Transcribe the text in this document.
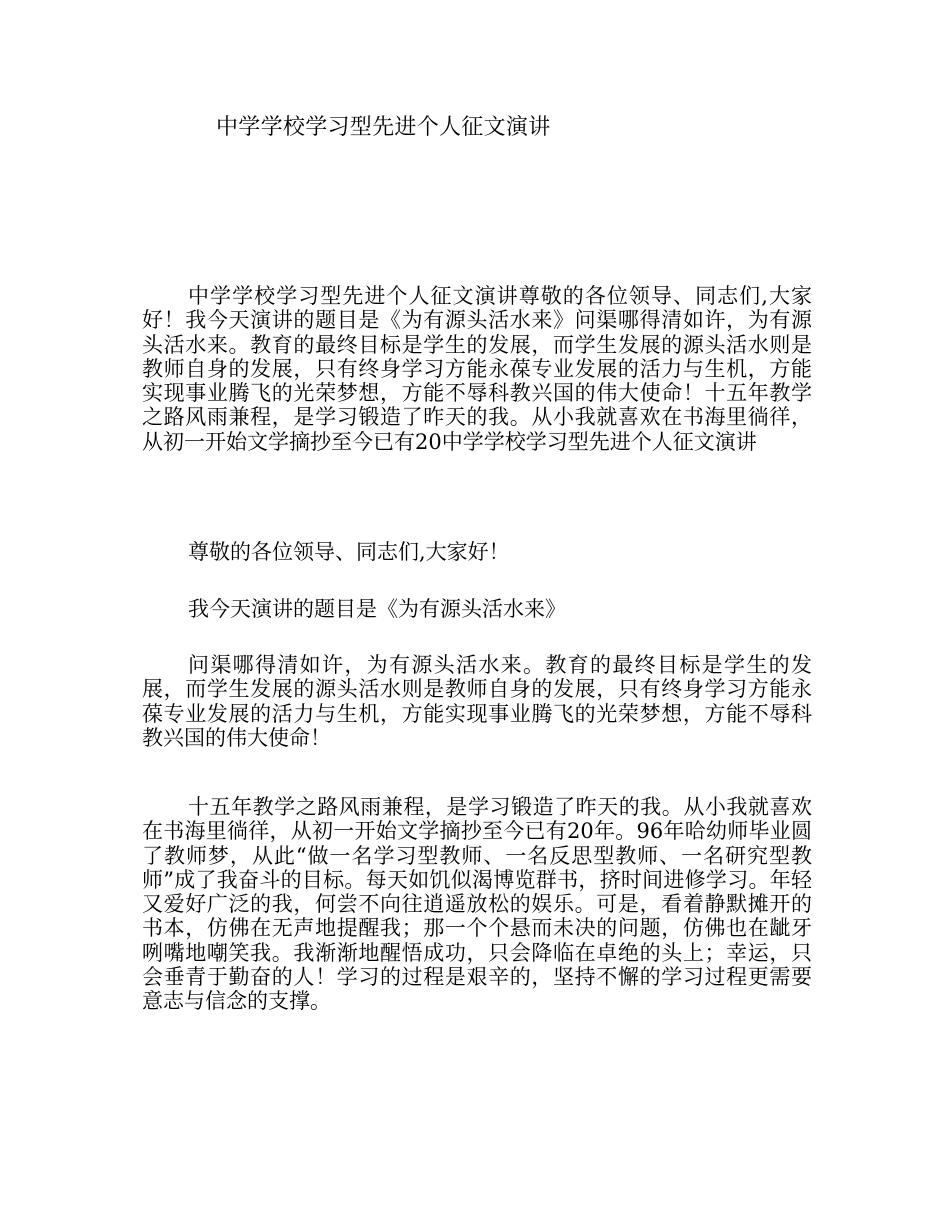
中学学校学习型先进个人征文演讲

中学学校学习型先进个人征文演讲尊敬的各位领导、同志们,大家好！我今天演讲的题目是《为有源头活水来》问渠哪得清如许，为有源头活水来。教育的最终目标是学生的发展，而学生发展的源头活水则是教师自身的发展，只有终身学习方能永葆专业发展的活力与生机，方能实现事业腾飞的光荣梦想，方能不辱科教兴国的伟大使命！十五年教学之路风雨兼程，是学习锻造了昨天的我。从小我就喜欢在书海里徜徉，从初一开始文学摘抄至今已有20中学学校学习型先进个人征文演讲

尊敬的各位领导、同志们,大家好！

我今天演讲的题目是《为有源头活水来》

问渠哪得清如许，为有源头活水来。教育的最终目标是学生的发展，而学生发展的源头活水则是教师自身的发展，只有终身学习方能永葆专业发展的活力与生机，方能实现事业腾飞的光荣梦想，方能不辱科教兴国的伟大使命！

十五年教学之路风雨兼程，是学习锻造了昨天的我。从小我就喜欢在书海里徜徉，从初一开始文学摘抄至今已有20年。96年哈幼师毕业圆了教师梦，从此“做一名学习型教师、一名反思型教师、一名研究型教师”成了我奋斗的目标。每天如饥似渴博览群书，挤时间进修学习。年轻又爱好广泛的我，何尝不向往逍遥放松的娱乐。可是，看着静默摊开的书本，仿佛在无声地提醒我；那一个个悬而未决的问题，仿佛也在龇牙咧嘴地嘲笑我。我渐渐地醒悟成功，只会降临在卓绝的头上；幸运，只会垂青于勤奋的人！学习的过程是艰辛的，坚持不懈的学习过程更需要意志与信念的支撑。
